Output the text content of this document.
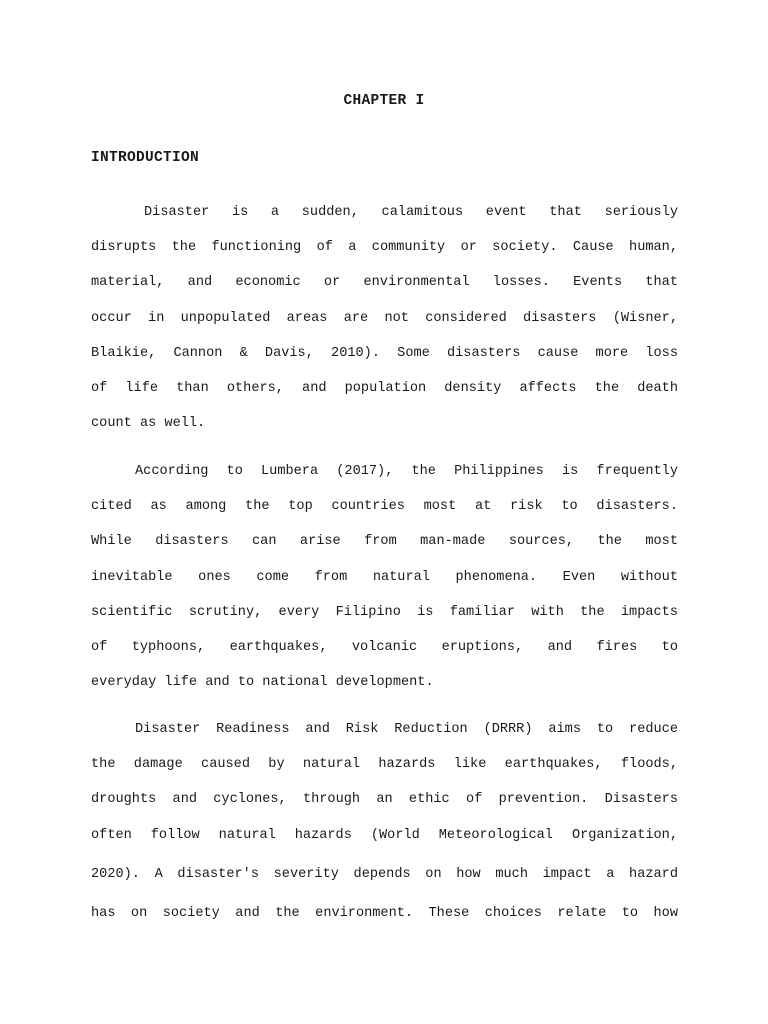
CHAPTER I
INTRODUCTION
Disaster is a sudden, calamitous event that seriously
disrupts the functioning of a community or society. Cause human,
material, and economic or environmental losses. Events that
occur in unpopulated areas are not considered disasters (Wisner,
Blaikie, Cannon & Davis, 2010). Some disasters cause more loss
of life than others, and population density affects the death
count as well.
According to Lumbera (2017), the Philippines is frequently
cited as among the top countries most at risk to disasters.
While disasters can arise from man-made sources, the most
inevitable ones come from natural phenomena. Even without
scientific scrutiny, every Filipino is familiar with the impacts
of typhoons, earthquakes, volcanic eruptions, and fires to
everyday life and to national development.
Disaster Readiness and Risk Reduction (DRRR) aims to reduce
the damage caused by natural hazards like earthquakes, floods,
droughts and cyclones, through an ethic of prevention. Disasters
often follow natural hazards (World Meteorological Organization,
2020). A disaster's severity depends on how much impact a hazard
has on society and the environment. These choices relate to how
